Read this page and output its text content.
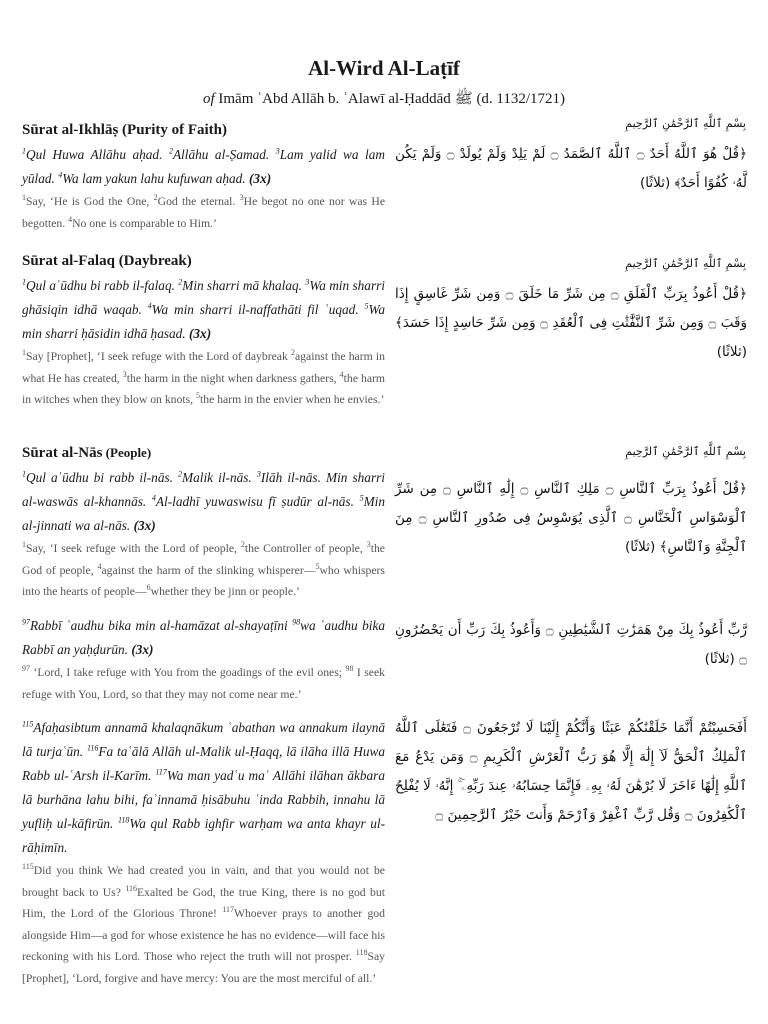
Al-Wird Al-Laṭīf
of Imām ʿAbd Allāh b. ʿAlawī al-Ḥaddād ﷺ (d. 1132/1721)
بِسْمِ ٱللَّهِ ٱلرَّحْمَٰنِ ٱلرَّحِيمِ
Sūrat al-Ikhlāṣ (Purity of Faith)

$^1$Qul Huwa Allāhu aḥad. $^2$Allāhu al-Ṣamad. $^3$Lam yalid wa lam yūlad. $^4$Wa lam yakun lahu kufuwan aḥad. (3x)

$^1$Say, ‘He is God the One, $^2$God the eternal. $^3$He begot no one nor was He begotten. $^4$No one is comparable to Him.’

﴿قُلْ هُوَ ٱللَّهُ أَحَدٌ ۝ ٱللَّهُ ٱلصَّمَدُ ۝ لَمْ يَلِدْ وَلَمْ يُولَدْ ۝ وَلَمْ يَكُن لَّهُۥ كُفُوًا أَحَدٌ﴾ (ثلاثًا)
بِسْمِ ٱللَّهِ ٱلرَّحْمَٰنِ ٱلرَّحِيمِ
Sūrat al-Falaq (Daybreak)

$^1$Qul aʿūdhu bi rabb il-falaq. $^2$Min sharri mā khalaq. $^3$Wa min sharri ghāsiqin idhā waqab. $^4$Wa min sharri il-naffathāti fil ʿuqad. $^5$Wa min sharri ḥāsidin idhā ḥasad. (3x)

$^1$Say [Prophet], ‘I seek refuge with the Lord of daybreak $^2$against the harm in what He has created, $^3$the harm in the night when darkness gathers, $^4$the harm in witches when they blow on knots, $^5$the harm in the envier when he envies.’

﴿قُلْ أَعُوذُ بِرَبِّ ٱلْفَلَقِ ۝ مِن شَرِّ مَا خَلَقَ ۝ وَمِن شَرِّ غَاسِقٍ إِذَا وَقَبَ ۝ وَمِن شَرِّ ٱلنَّفَّٰثَٰتِ فِى ٱلْعُقَدِ ۝ وَمِن شَرِّ حَاسِدٍ إِذَا حَسَدَ﴾ (ثلاثًا)
بِسْمِ ٱللَّهِ ٱلرَّحْمَٰنِ ٱلرَّحِيمِ
Sūrat al-Nās (People)

$^1$Qul aʿūdhu bi rabb il-nās. $^2$Malik il-nās. $^3$Ilāh il-nās. Min sharri al-waswās al-khannās. $^4$Al-ladhī yuwaswisu fī ṣudūr al-nās. $^5$Min al-jinnati wa al-nās. (3x)

$^1$Say, ‘I seek refuge with the Lord of people, $^2$the Controller of people, $^3$the God of people, $^4$against the harm of the slinking whisperer—$^5$who whispers into the hearts of people—$^6$whether they be jinn or people.’

﴿قُلْ أَعُوذُ بِرَبِّ ٱلنَّاسِ ۝ مَلِكِ ٱلنَّاسِ ۝ إِلَٰهِ ٱلنَّاسِ ۝ مِن شَرِّ ٱلْوَسْوَاسِ ٱلْخَنَّاسِ ۝ ٱلَّذِى يُوَسْوِسُ فِى صُدُورِ ٱلنَّاسِ ۝ مِنَ ٱلْجِنَّةِ وَٱلنَّاسِ﴾ (ثلاثًا)

$^{97}$Rabbī ʿaudhu bika min al-hamāzat al-shayaṭīni $^{98}$wa ʿaudhu bika Rabbī an yaḥḍurūn. (3x)

$^{97}$ ‘Lord, I take refuge with You from the goadings of the evil ones; $^{98}$ I seek refuge with You, Lord, so that they may not come near me.’

رَّبِّ أَعُوذُ بِكَ مِنْ هَمَزَٰتِ ٱلشَّيَٰطِينِ ۝ وَأَعُوذُ بِكَ رَبِّ أَن يَحْضُرُونِ ۝ (ثلاثًا)

$^{115}$Afaḥasibtum annamā khalaqnākum ʿabathan wa annakum ilaynā lā turjaʿūn. $^{116}$Fa taʿālā Allāh ul-Malik ul-Ḥaqq, lā ilāha illā Huwa Rabb ul-ʿArsh il-Karīm. $^{117}$Wa man yadʿu maʿ Allāhi ilāhan ākbara lā burhāna lahu bihi, faʾinnamā ḥisābuhu ʿinda Rabbih, innahu lā yufliḥ ul-kāfirūn. $^{118}$Wa qul Rabb ighfir warḥam wa anta khayr ul-rāḥimīn.

$^{115}$Did you think We had created you in vain, and that you would not be brought back to Us? $^{116}$Exalted be God, the true King, there is no god but Him, the Lord of the Glorious Throne! $^{117}$Whoever prays to another god alongside Him—a god for whose existence he has no evidence—will face his reckoning with his Lord. Those who reject the truth will not prosper. $^{118}$Say [Prophet], ‘Lord, forgive and have mercy: You are the most merciful of all.’

أَفَحَسِبْتُمْ أَنَّمَا خَلَقْنَٰكُمْ عَبَثًا وَأَنَّكُمْ إِلَيْنَا لَا تُرْجَعُونَ ۝ فَتَعَٰلَى ٱللَّهُ ٱلْمَلِكُ ٱلْحَقُّ لَآ إِلَٰهَ إِلَّا هُوَ رَبُّ ٱلْعَرْشِ ٱلْكَرِيمِ ۝ وَمَن يَدْعُ مَعَ ٱللَّهِ إِلَٰهًا ءَاخَرَ لَا بُرْهَٰنَ لَهُۥ بِهِۦ فَإِنَّمَا حِسَابُهُۥ عِندَ رَبِّهِۦٓ ۚ إِنَّهُۥ لَا يُفْلِحُ ٱلْكَٰفِرُونَ ۝ وَقُل رَّبِّ ٱغْفِرْ وَٱرْحَمْ وَأَنتَ خَيْرُ ٱلرَّٰحِمِينَ ۝
